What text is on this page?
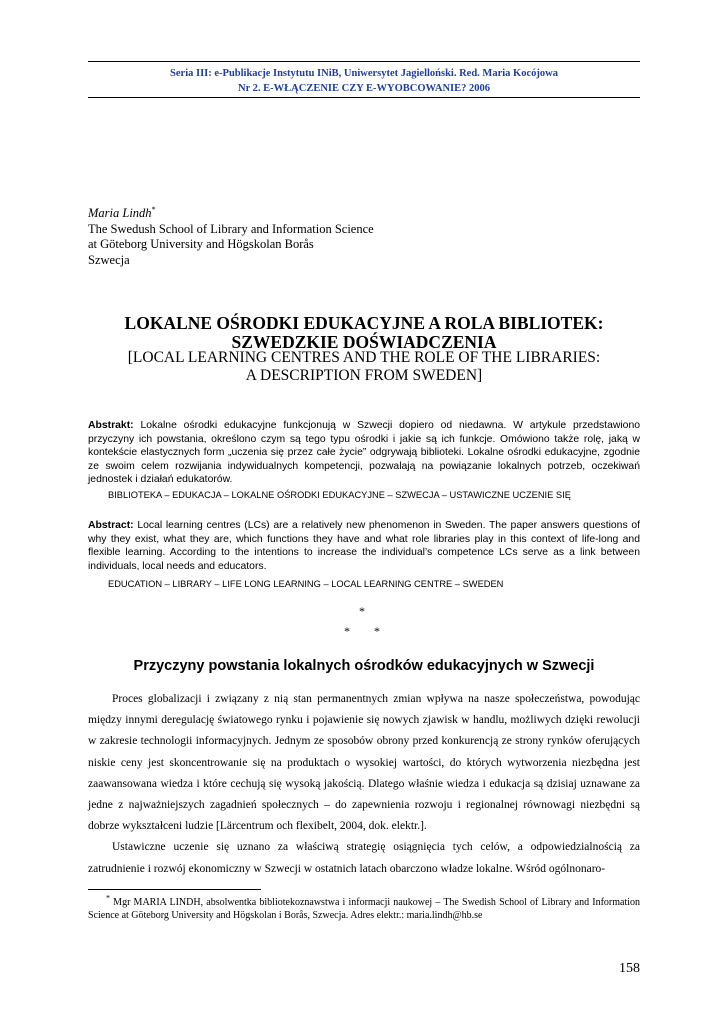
Seria III: e-Publikacje Instytutu INiB, Uniwersytet Jagielloński. Red. Maria Kocójowa
Nr 2. E-WŁĄCZENIE CZY E-WYOBCOWANIE? 2006
Maria Lindh*
The Swedush School of Library and Information Science
at Göteborg University and Högskolan Borås
Szwecja
LOKALNE OŚRODKI EDUKACYJNE A ROLA BIBLIOTEK:
SZWEDZKIE DOŚWIADCZENIA
[LOCAL LEARNING CENTRES AND THE ROLE OF THE LIBRARIES:
A DESCRIPTION FROM SWEDEN]
Abstrakt: Lokalne ośrodki edukacyjne funkcjonują w Szwecji dopiero od niedawna. W artykule przedstawiono przyczyny ich powstania, określono czym są tego typu ośrodki i jakie są ich funkcje. Omówiono także rolę, jaką w kontekście elastycznych form „uczenia się przez całe życie” odgrywają biblioteki. Lokalne ośrodki edukacyjne, zgodnie ze swoim celem rozwijania indywidualnych kompetencji, pozwalają na powiązanie lokalnych potrzeb, oczekiwań jednostek i działań edukatorów.
BIBLIOTEKA – EDUKACJA – LOKALNE OŚRODKI EDUKACYJNE – SZWECJA – USTAWICZNE UCZENIE SIĘ
Abstract: Local learning centres (LCs) are a relatively new phenomenon in Sweden. The paper answers questions of why they exist, what they are, which functions they have and what role libraries play in this context of life-long and flexible learning. According to the intentions to increase the individual’s competence LCs serve as a link between individuals, local needs and educators.
EDUCATION – LIBRARY – LIFE LONG LEARNING – LOCAL LEARNING CENTRE – SWEDEN
*
*        *
Przyczyny powstania lokalnych ośrodków edukacyjnych w Szwecji

Proces globalizacji i związany z nią stan permanentnych zmian wpływa na nasze społeczeństwa, powodując między innymi deregulację światowego rynku i pojawienie się nowych zjawisk w handlu, możliwych dzięki rewolucji w zakresie technologii informacyjnych. Jednym ze sposobów obrony przed konkurencją ze strony rynków oferujących niskie ceny jest skoncentrowanie się na produktach o wysokiej wartości, do których wytworzenia niezbędna jest zaawansowana wiedza i które cechują się wysoką jakością. Dlatego właśnie wiedza i edukacja są dzisiaj uznawane za jedne z najważniejszych zagadnień społecznych – do zapewnienia rozwoju i regionalnej równowagi niezbędni są dobrze wykształceni ludzie [Lärcentrum och flexibelt, 2004, dok. elektr.].

Ustawiczne uczenie się uznano za właściwą strategię osiągnięcia tych celów, a odpowiedzialnością za zatrudnienie i rozwój ekonomiczny w Szwecji w ostatnich latach obarczono władze lokalne. Wśród ogólnonaro-

* Mgr MARIA LINDH, absolwentka bibliotekoznawstwa i informacji naukowej – The Swedish School of Library and Information Science at Göteborg University and Högskolan i Borås, Szwecja. Adres elektr.: maria.lindh@hb.se
158
